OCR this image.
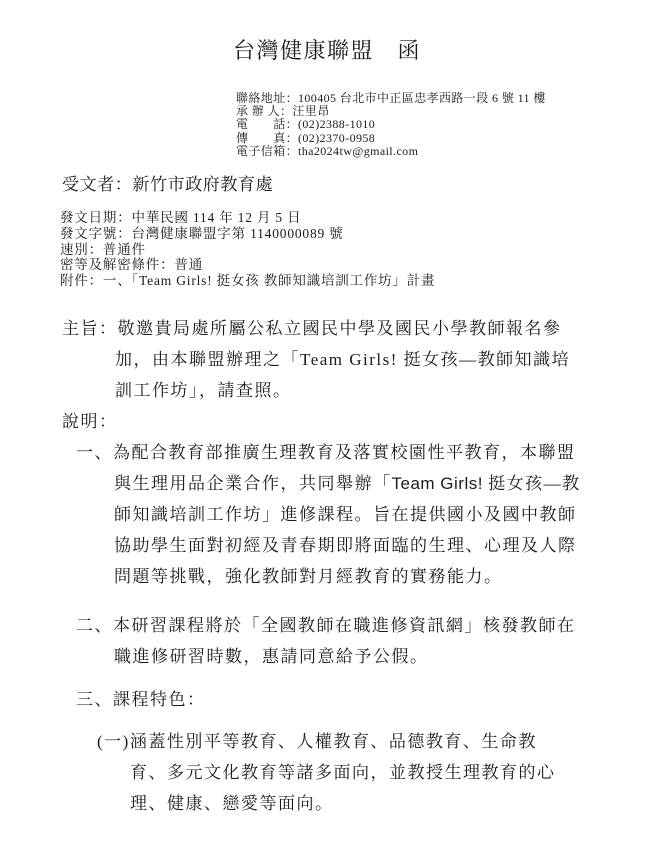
台灣健康聯盟　函
聯絡地址：100405 台北市中正區忠孝西路一段 6 號 11 樓
承 辦 人：汪里昂
電　　話：(02)2388-1010
傳　　真：(02)2370-0958
電子信箱：tha2024tw@gmail.com
受文者：新竹市政府教育處
發文日期：中華民國 114 年 12 月 5 日
發文字號：台灣健康聯盟字第 1140000089 號
速別：普通件
密等及解密條件：普通
附件：一、「Team Girls! 挺女孩 教師知識培訓工作坊」計畫
主旨：敬邀貴局處所屬公私立國民中學及國民小學教師報名參
加，由本聯盟辦理之「Team Girls! 挺女孩—教師知識培
訓工作坊」，請查照。
說明：
一、為配合教育部推廣生理教育及落實校園性平教育，本聯盟
與生理用品企業合作，共同舉辦「Team Girls! 挺女孩—教
師知識培訓工作坊」進修課程。旨在提供國小及國中教師
協助學生面對初經及青春期即將面臨的生理、心理及人際
問題等挑戰，強化教師對月經教育的實務能力。
二、本研習課程將於「全國教師在職進修資訊網」核發教師在
職進修研習時數，惠請同意給予公假。
三、課程特色：
(一)涵蓋性別平等教育、人權教育、品德教育、生命教
育、多元文化教育等諸多面向，並教授生理教育的心
理、健康、戀愛等面向。
